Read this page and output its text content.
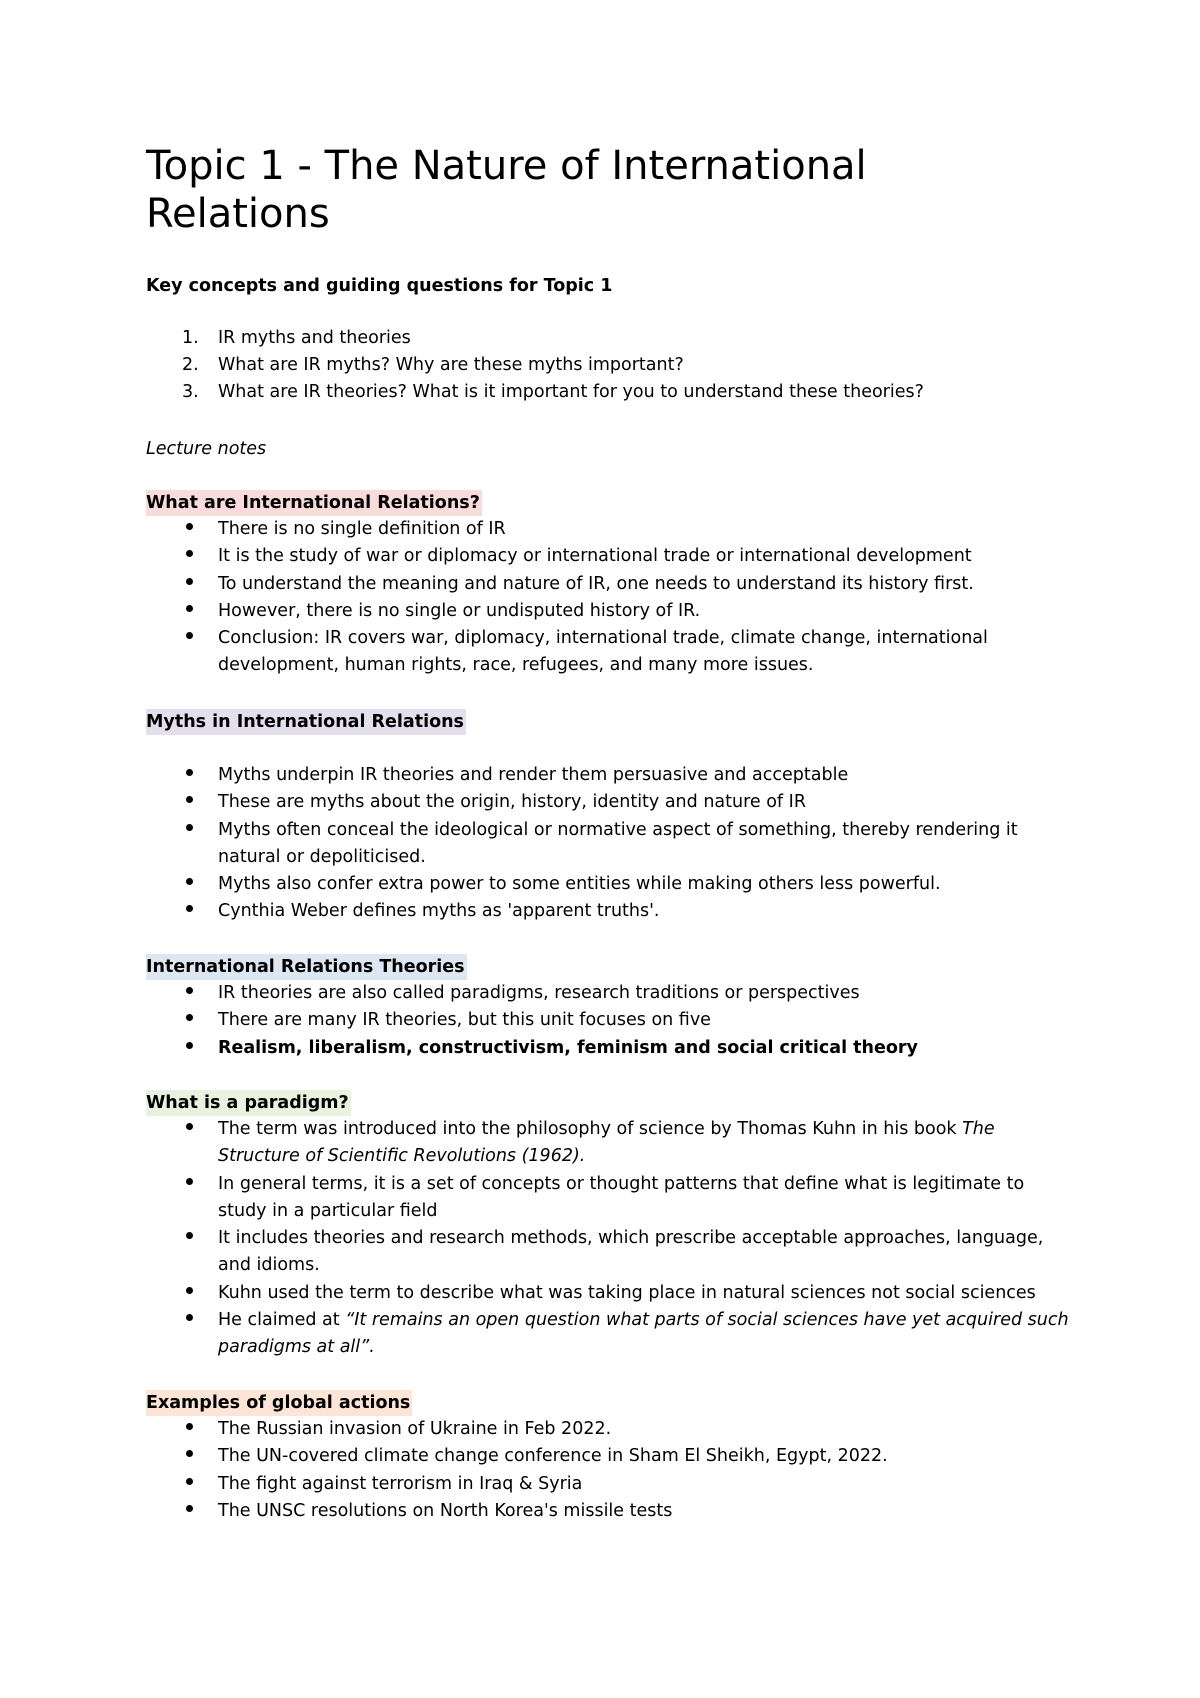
Topic 1 - The Nature of International Relations
Key concepts and guiding questions for Topic 1
1. IR myths and theories
2. What are IR myths? Why are these myths important?
3. What are IR theories? What is it important for you to understand these theories?
Lecture notes
What are International Relations?
There is no single definition of IR
It is the study of war or diplomacy or international trade or international development
To understand the meaning and nature of IR, one needs to understand its history first.
However, there is no single or undisputed history of IR.
Conclusion: IR covers war, diplomacy, international trade, climate change, international development, human rights, race, refugees, and many more issues.
Myths in International Relations
Myths underpin IR theories and render them persuasive and acceptable
These are myths about the origin, history, identity and nature of IR
Myths often conceal the ideological or normative aspect of something, thereby rendering it natural or depoliticised.
Myths also confer extra power to some entities while making others less powerful.
Cynthia Weber defines myths as 'apparent truths'.
International Relations Theories
IR theories are also called paradigms, research traditions or perspectives
There are many IR theories, but this unit focuses on five
Realism, liberalism, constructivism, feminism and social critical theory
What is a paradigm?
The term was introduced into the philosophy of science by Thomas Kuhn in his book The Structure of Scientific Revolutions (1962).
In general terms, it is a set of concepts or thought patterns that define what is legitimate to study in a particular field
It includes theories and research methods, which prescribe acceptable approaches, language, and idioms.
Kuhn used the term to describe what was taking place in natural sciences not social sciences
He claimed at “It remains an open question what parts of social sciences have yet acquired such paradigms at all”.
Examples of global actions
The Russian invasion of Ukraine in Feb 2022.
The UN-covered climate change conference in Sham El Sheikh, Egypt, 2022.
The fight against terrorism in Iraq & Syria
The UNSC resolutions on North Korea's missile tests
